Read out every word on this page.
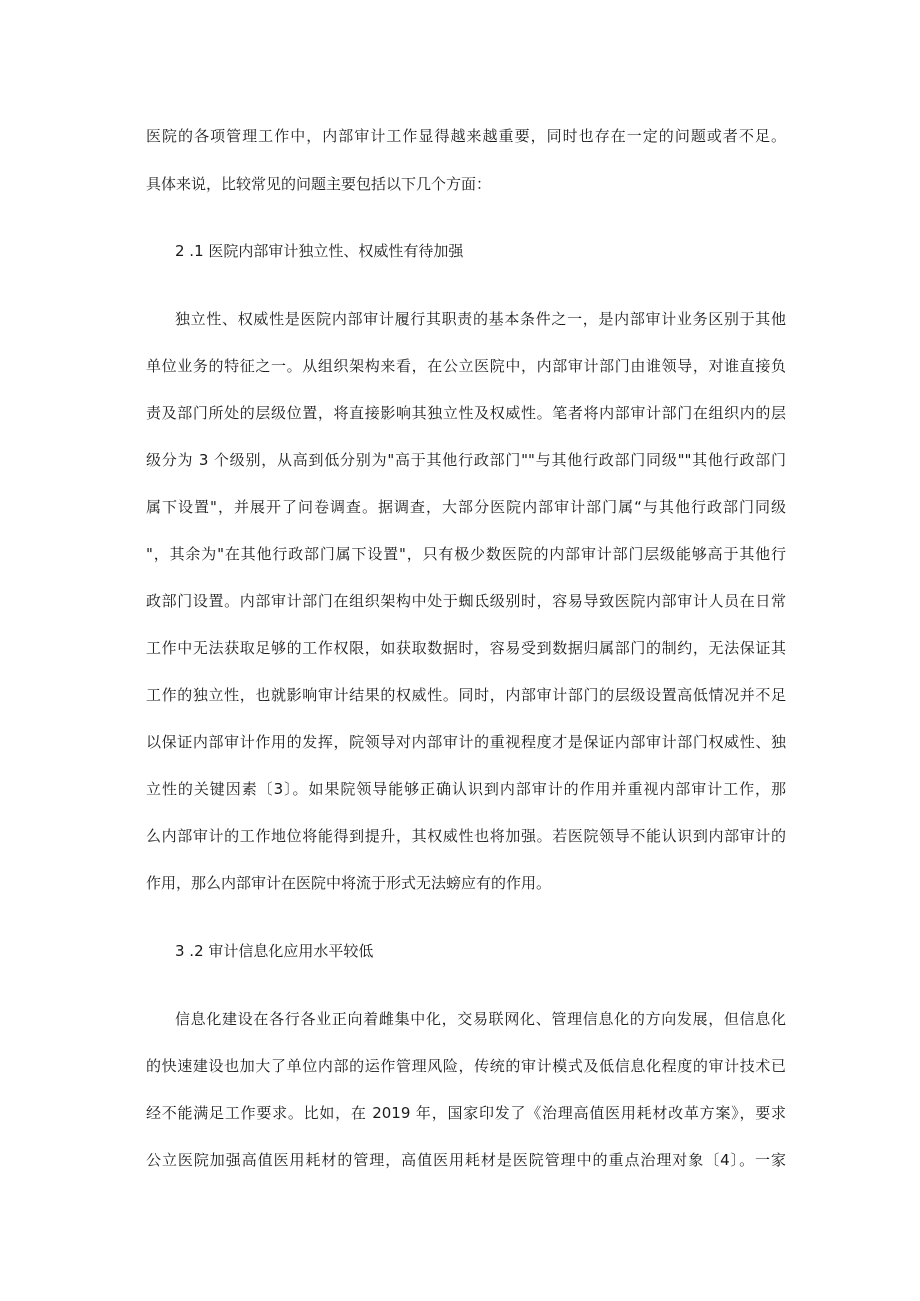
医院的各项管理工作中，内部审计工作显得越来越重要，同时也存在一定的问题或者不足。
具体来说，比较常见的问题主要包括以下几个方面：
2 .1 医院内部审计独立性、权威性有待加强
独立性、权威性是医院内部审计履行其职责的基本条件之一，是内部审计业务区别于其他
单位业务的特征之一。从组织架构来看，在公立医院中，内部审计部门由谁领导，对谁直接负
责及部门所处的层级位置，将直接影响其独立性及权威性。笔者将内部审计部门在组织内的层
级分为 3 个级别，从高到低分别为"高于其他行政部门""与其他行政部门同级""其他行政部门
属下设置"，并展开了问卷调查。据调查，大部分医院内部审计部门属“与其他行政部门同级
"，其余为"在其他行政部门属下设置"，只有极少数医院的内部审计部门层级能够高于其他行
政部门设置。内部审计部门在组织架构中处于蜘氐级别时，容易导致医院内部审计人员在日常
工作中无法获取足够的工作权限，如获取数据时，容易受到数据归属部门的制约，无法保证其
工作的独立性，也就影响审计结果的权威性。同时，内部审计部门的层级设置高低情况并不足
以保证内部审计作用的发挥，院领导对内部审计的重视程度才是保证内部审计部门权威性、独
立性的关键因素〔3〕。如果院领导能够正确认识到内部审计的作用并重视内部审计工作，那
么内部审计的工作地位将能得到提升，其权威性也将加强。若医院领导不能认识到内部审计的
作用，那么内部审计在医院中将流于形式无法螃应有的作用。
3 .2 审计信息化应用水平较低
信息化建设在各行各业正向着雌集中化，交易联网化、管理信息化的方向发展，但信息化
的快速建设也加大了单位内部的运作管理风险，传统的审计模式及低信息化程度的审计技术已
经不能满足工作要求。比如，在 2019 年，国家印发了《治理高值医用耗材改革方案》，要求
公立医院加强高值医用耗材的管理，高值医用耗材是医院管理中的重点治理对象〔4〕。一家
